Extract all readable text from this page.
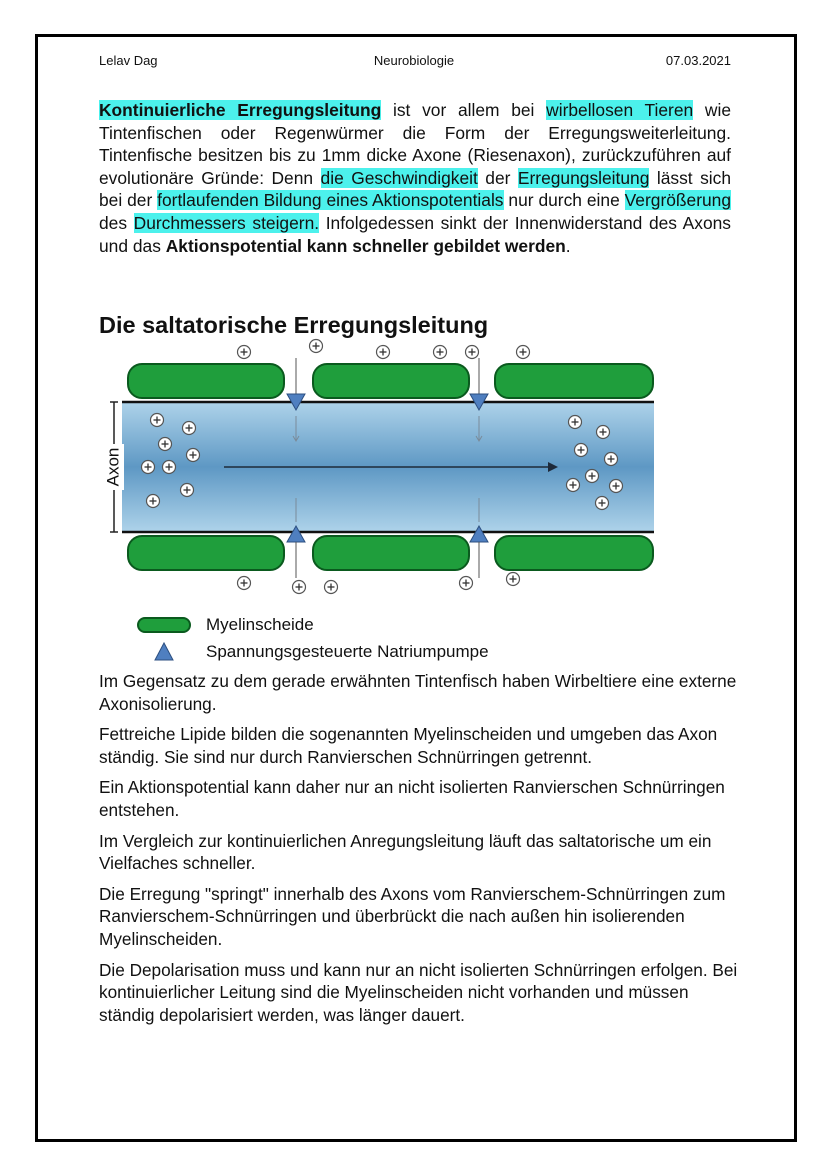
Lelav Dag	Neurobiologie	07.03.2021
Kontinuierliche Erregungsleitung ist vor allem bei wirbellosen Tieren wie Tintenfischen oder Regenwürmer die Form der Erregungsweiterleitung. Tintenfische besitzen bis zu 1mm dicke Axone (Riesenaxon), zurückzuführen auf evolutionäre Gründe: Denn die Geschwindigkeit der Erregungsleitung lässt sich bei der fortlaufenden Bildung eines Aktionspotentials nur durch eine Vergrößerung des Durchmessers steigern. Infolgedessen sinkt der Innenwiderstand des Axons und das Aktionspotential kann schneller gebildet werden.
Die saltatorische Erregungsleitung
Axon
Myelinscheide
Spannungsgesteuerte Natriumpumpe

Im Gegensatz zu dem gerade erwähnten Tintenfisch haben Wirbeltiere eine externe Axonisolierung.

Fettreiche Lipide bilden die sogenannten Myelinscheiden und umgeben das Axon ständig. Sie sind nur durch Ranvierschen Schnürringen getrennt.

Ein Aktionspotential kann daher nur an nicht isolierten Ranvierschen Schnürringen entstehen.

Im Vergleich zur kontinuierlichen Anregungsleitung läuft das saltatorische um ein Vielfaches schneller.

Die Erregung "springt" innerhalb des Axons vom Ranvierschem-Schnürringen zum Ranvierschem-Schnürringen und überbrückt die nach außen hin isolierenden Myelinscheiden.

Die Depolarisation muss und kann nur an nicht isolierten Schnürringen erfolgen. Bei kontinuierlicher Leitung sind die Myelinscheiden nicht vorhanden und müssen ständig depolarisiert werden, was länger dauert.
